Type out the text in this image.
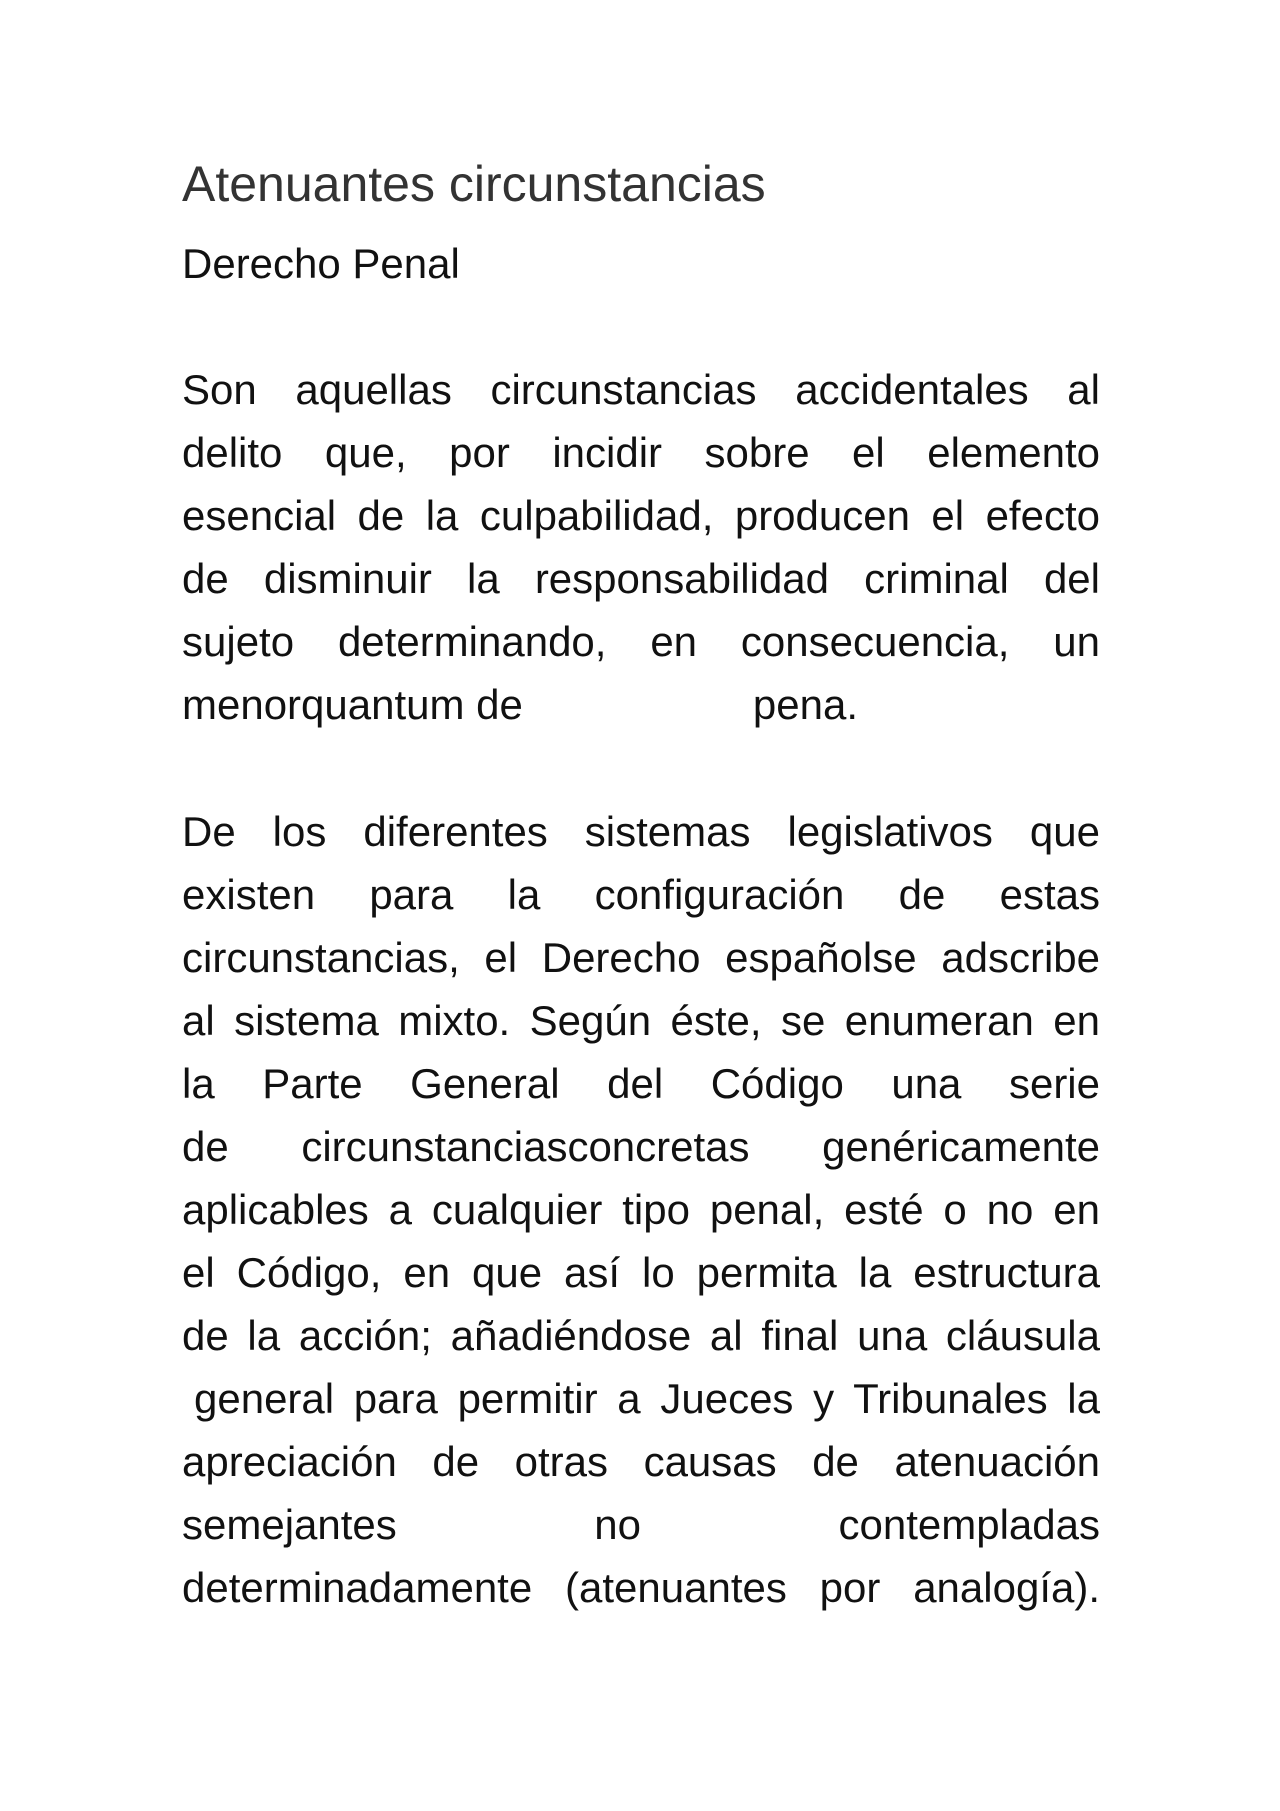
Atenuantes circunstancias
Derecho Penal
Son aquellas circunstancias accidentales al
delito que, por incidir sobre el elemento
esencial de la culpabilidad, producen el efecto
de disminuir la responsabilidad criminal del
sujeto determinando, en consecuencia, un
menorquantum de	pena.
De los diferentes sistemas legislativos que
existen para la configuración de estas
circunstancias, el Derecho españolse adscribe
al sistema mixto. Según éste, se enumeran en
la Parte General del Código una serie
de circunstanciasconcretas genéricamente
aplicables a cualquier tipo penal, esté o no en
el Código, en que así lo permita la estructura
de la acción; añadiéndose al final una cláusula
general para permitir a Jueces y Tribunales la
apreciación de otras causas de atenuación
semejantes no contempladas
determinadamente (atenuantes por analogía).
